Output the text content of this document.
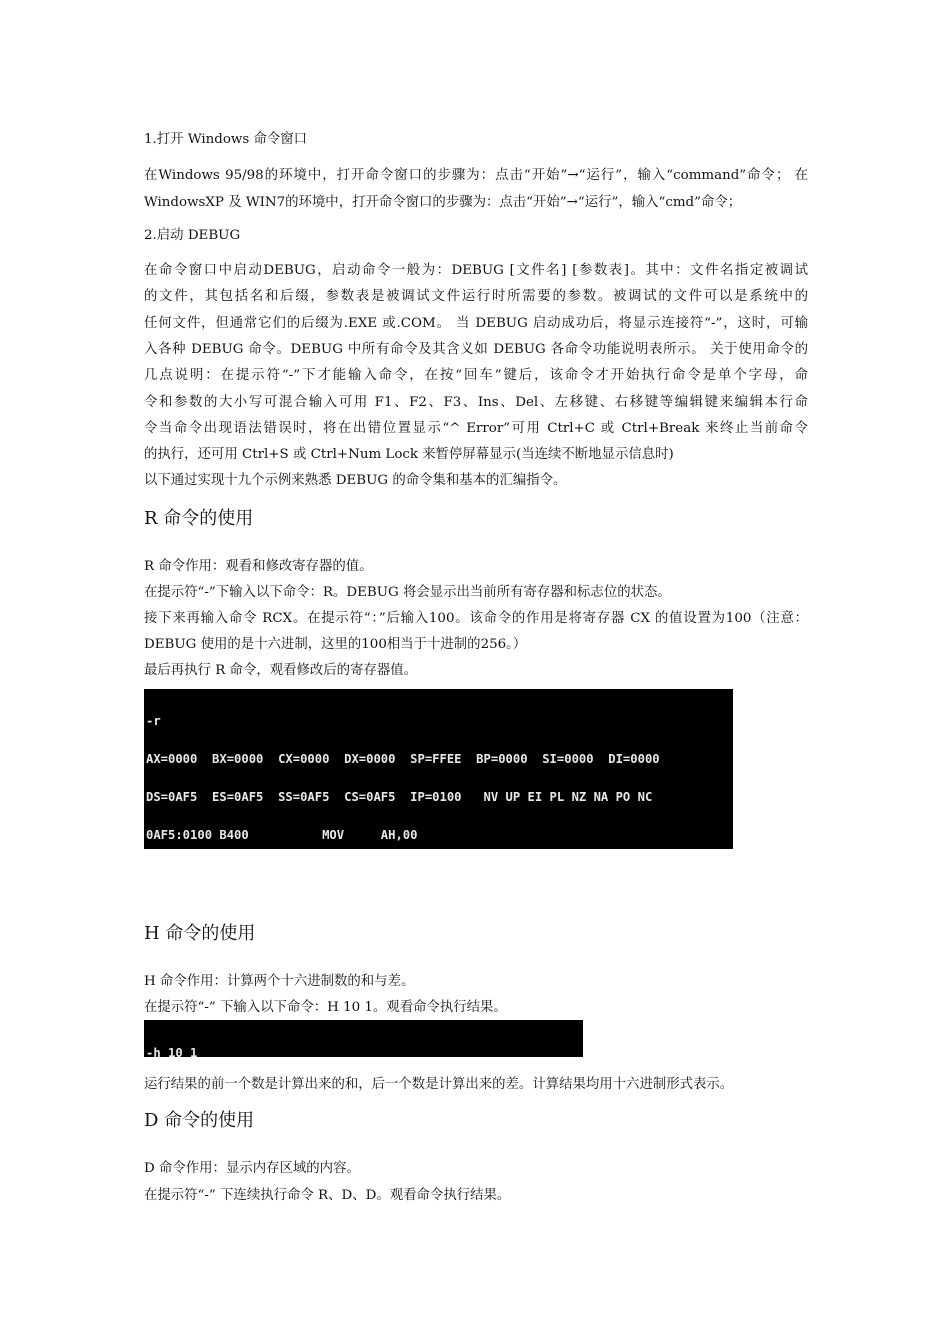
1.打开 Windows 命令窗口
在Windows 95/98的环境中，打开命令窗口的步骤为：点击“开始”→“运行”，输入“command”命令； 在
WindowsXP 及 WIN7的环境中，打开命令窗口的步骤为：点击“开始”→“运行”，输入“cmd”命令；
2.启动 DEBUG
在命令窗口中启动DEBUG，启动命令一般为：DEBUG [文件名] [参数表]。其中：文件名指定被调试
的文件，其包括名和后缀，参数表是被调试文件运行时所需要的参数。被调试的文件可以是系统中的
任何文件，但通常它们的后缀为.EXE 或.COM。 当 DEBUG 启动成功后，将显示连接符“-”，这时，可输
入各种 DEBUG 命令。DEBUG 中所有命令及其含义如 DEBUG 各命令功能说明表所示。 关于使用命令的
几点说明：在提示符“-”下才能输入命令，在按“回车”键后，该命令才开始执行命令是单个字母，命
令和参数的大小写可混合输入可用 F1、F2、F3、Ins、Del、左移键、右移键等编辑键来编辑本行命
令当命令出现语法错误时，将在出错位置显示“^ Error”可用 Ctrl+C 或 Ctrl+Break 来终止当前命令
的执行，还可用 Ctrl+S 或 Ctrl+Num Lock 来暂停屏幕显示(当连续不断地显示信息时)
以下通过实现十九个示例来熟悉 DEBUG 的命令集和基本的汇编指令。
R 命令的使用
R 命令作用：观看和修改寄存器的值。
在提示符“-”下输入以下命令：R。DEBUG 将会显示出当前所有寄存器和标志位的状态。
接下来再输入命令 RCX。在提示符“：”后输入100。该命令的作用是将寄存器 CX 的值设置为100（注意：
DEBUG 使用的是十六进制，这里的100相当于十进制的256。）
最后再执行 R 命令，观看修改后的寄存器值。

-r

AX=0000  BX=0000  CX=0000  DX=0000  SP=FFEE  BP=0000  SI=0000  DI=0000

DS=0AF5  ES=0AF5  SS=0AF5  CS=0AF5  IP=0100   NV UP EI PL NZ NA PO NC

0AF5:0100 B400          MOV     AH,00

H 命令的使用
H 命令作用：计算两个十六进制数的和与差。
在提示符“-” 下输入以下命令：H 10 1。观看命令执行结果。

-h 10 1

运行结果的前一个数是计算出来的和，后一个数是计算出来的差。计算结果均用十六进制形式表示。
D 命令的使用
D 命令作用：显示内存区域的内容。
在提示符“-” 下连续执行命令 R、D、D。观看命令执行结果。
